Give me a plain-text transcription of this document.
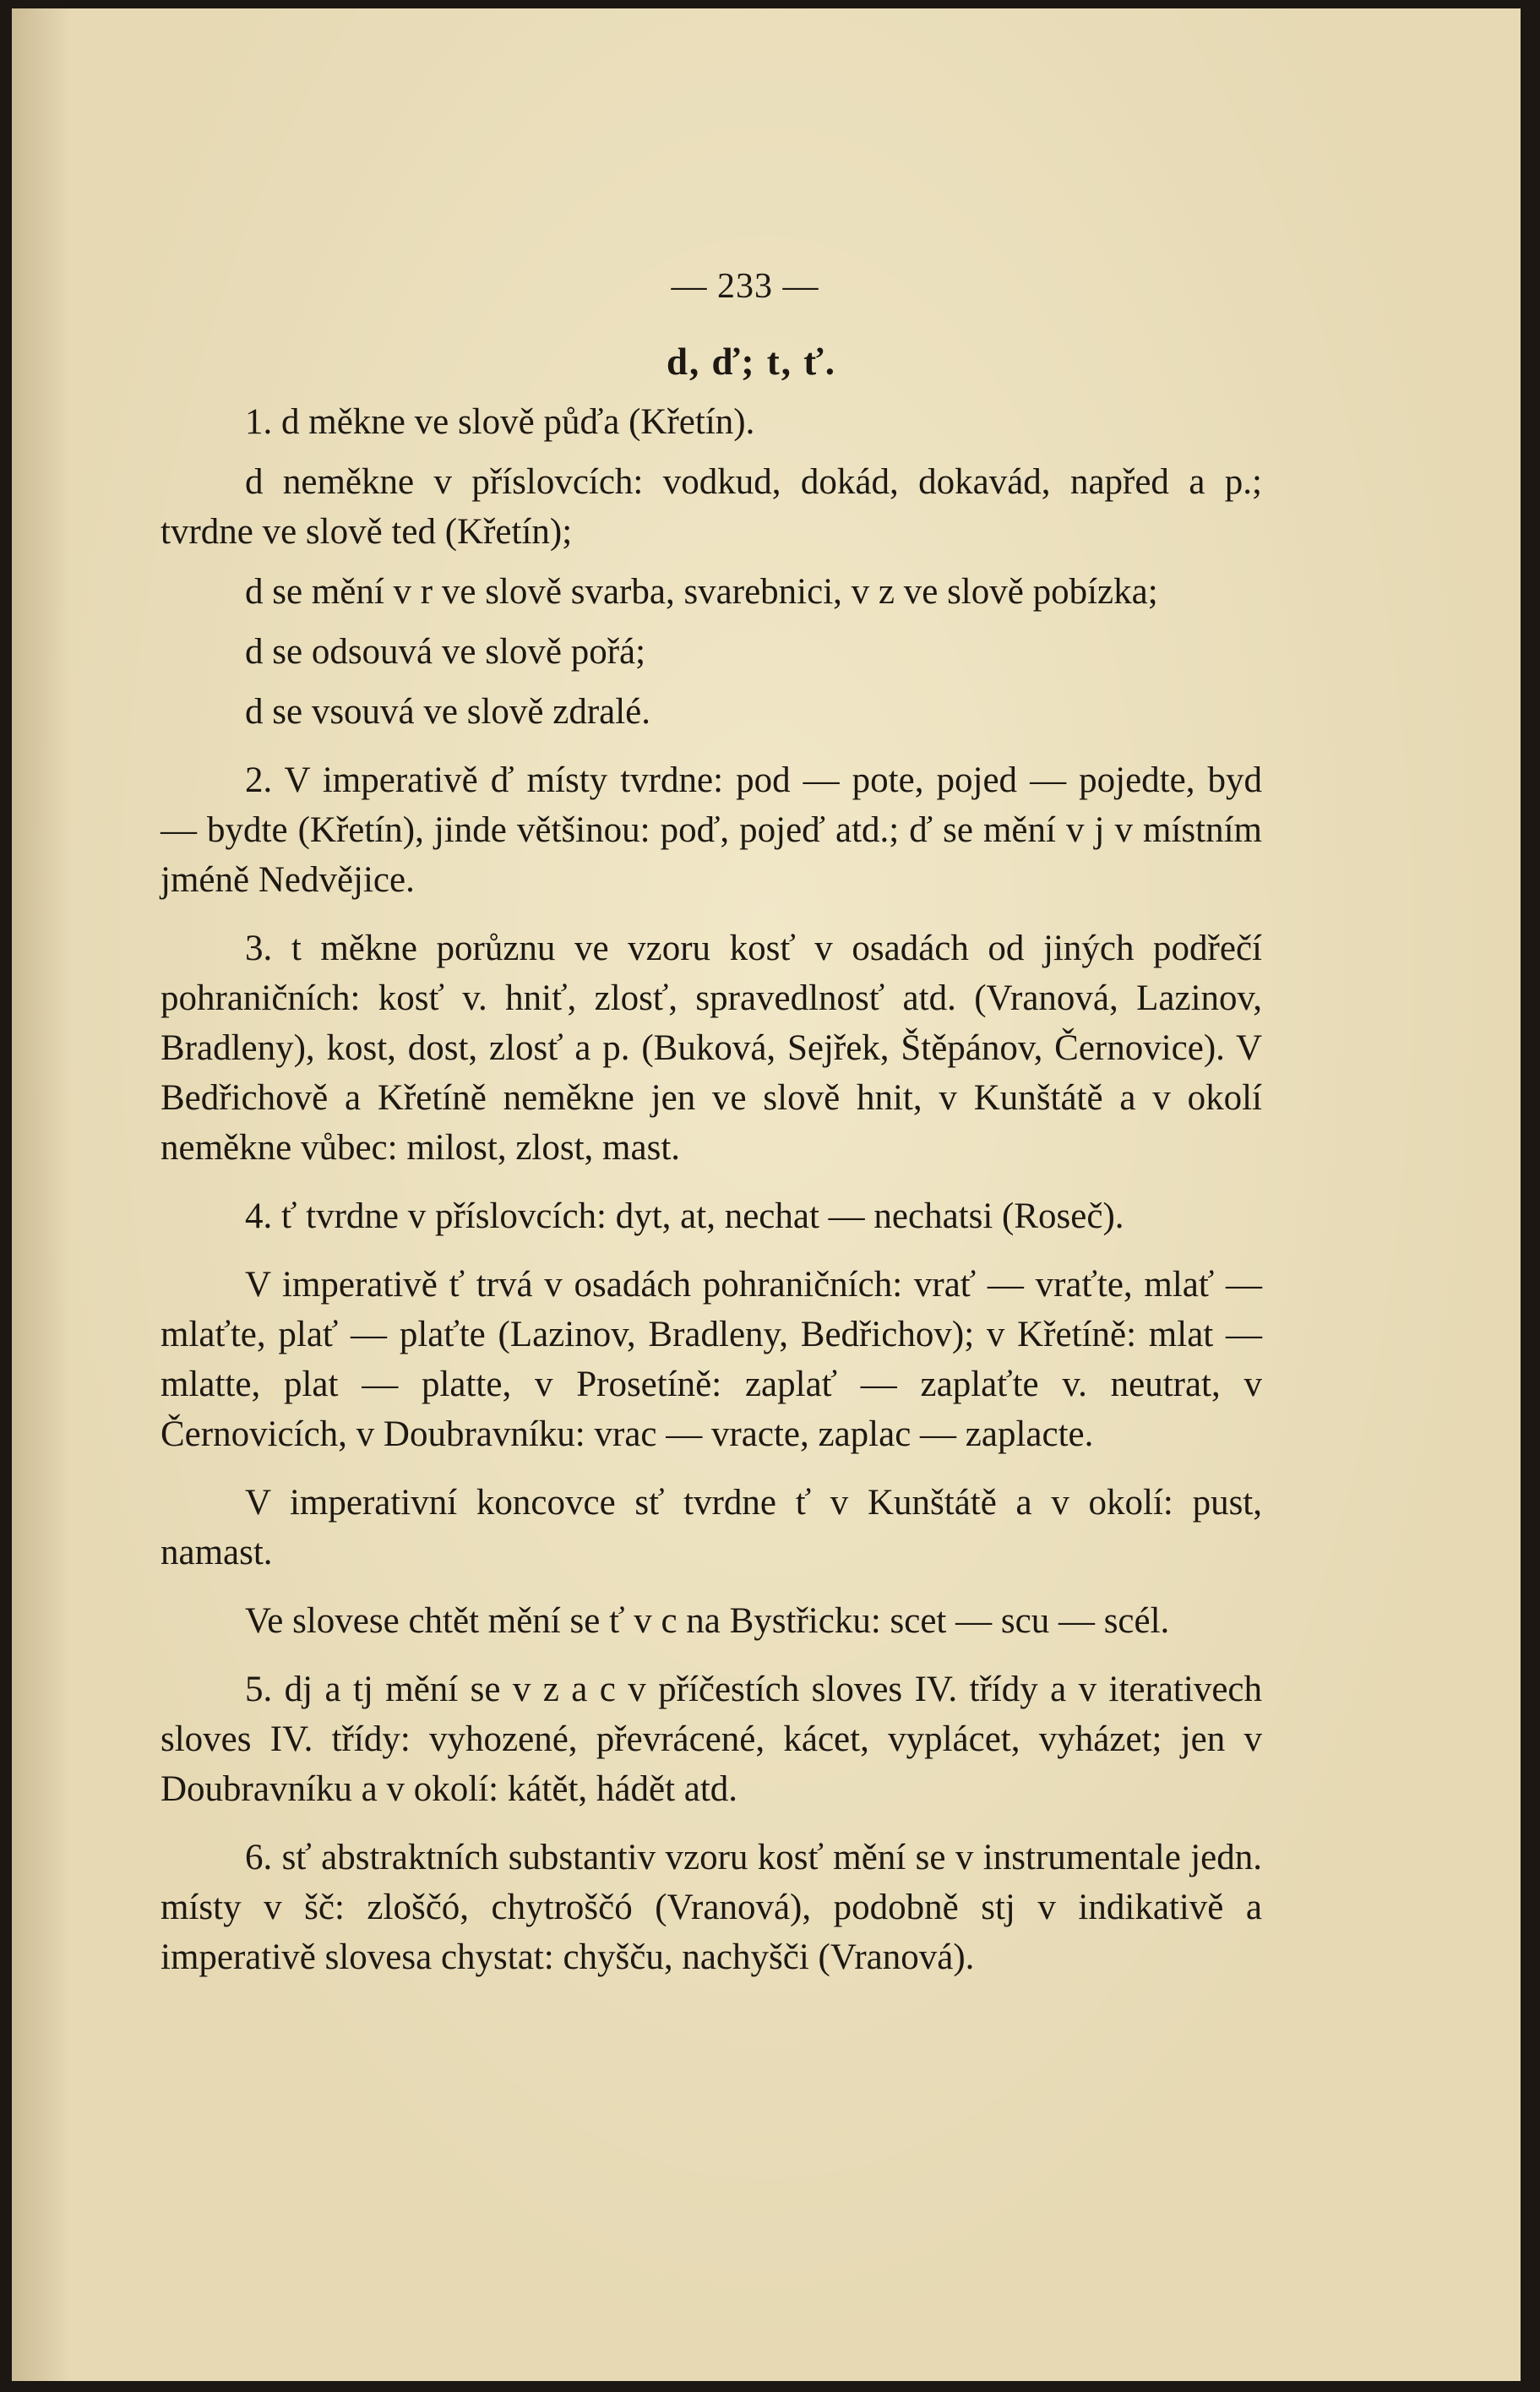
— 233 —
d, ď; t, ť.

1. d měkne ve slově půďa (Křetín).

d neměkne v příslovcích: vodkud, dokád, dokavád, napřed a p.; tvrdne ve slově ted (Křetín);

d se mění v r ve slově svarba, svarebnici, v z ve slově pobízka;

d se odsouvá ve slově pořá;

d se vsouvá ve slově zdralé.

2. V imperativě ď místy tvrdne: pod — pote, pojed — pojedte, byd — bydte (Křetín), jinde většinou: poď, pojeď atd.; ď se mění v j v místním jméně Nedvějice.

3. t měkne porůznu ve vzoru kosť v osadách od jiných podřečí pohraničních: kosť v. hniť, zlosť, spravedlnosť atd. (Vranová, Lazinov, Bradleny), kost, dost, zlosť a p. (Buková, Sejřek, Štěpánov, Černovice). V Bedřichově a Křetíně neměkne jen ve slově hnit, v Kunštátě a v okolí neměkne vůbec: milost, zlost, mast.

4. ť tvrdne v příslovcích: dyt, at, nechat — nechatsi (Roseč).

V imperativě ť trvá v osadách pohraničních: vrať — vraťte, mlať — mlaťte, plať — plaťte (Lazinov, Bradleny, Bedřichov); v Křetíně: mlat — mlatte, plat — platte, v Prosetíně: zaplať — zaplaťte v. neutrat, v Černovicích, v Doubravníku: vrac — vracte, zaplac — zaplacte.

V imperativní koncovce sť tvrdne ť v Kunštátě a v okolí: pust, namast.

Ve slovese chtět mění se ť v c na Bystřicku: scet — scu — scél.

5. dj a tj mění se v z a c v příčestích sloves IV. třídy a v iterativech sloves IV. třídy: vyhozené, převrácené, kácet, vyplácet, vyházet; jen v Doubravníku a v okolí: kátět, hádět atd.

6. sť abstraktních substantiv vzoru kosť mění se v instrumentale jedn. místy v šč: zloščó, chytroščó (Vranová), podobně stj v indikativě a imperativě slovesa chystat: chyšču, nachyšči (Vranová).
